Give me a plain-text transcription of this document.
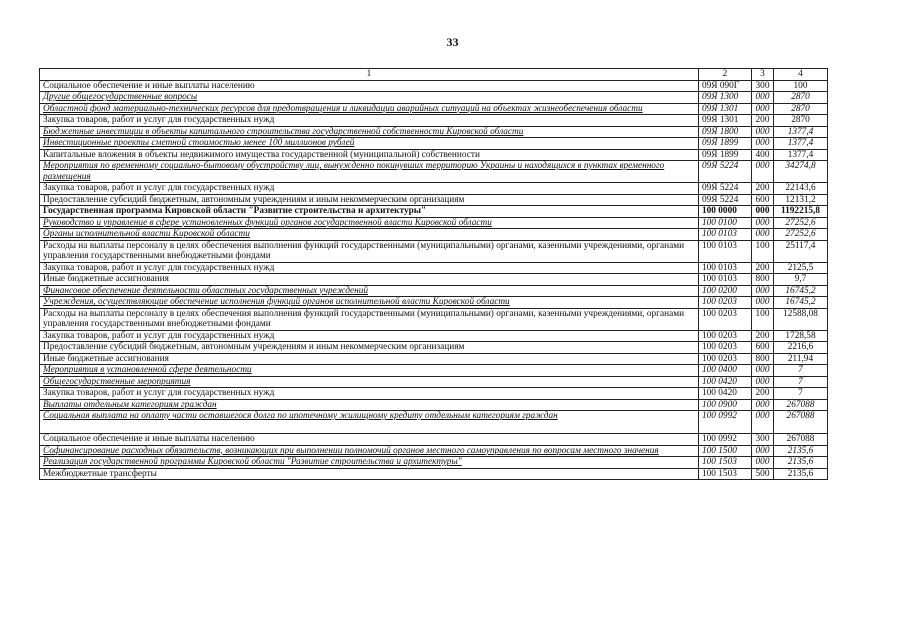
33
1	2	3	4
Социальное обеспечение и иные выплаты населению	09Я 090Г	300	100
Другие общегосударственные вопросы	09Я 1300	000	2870
Областной фонд материально-технических ресурсов для предотвращения и ликвидации аварийных ситуаций на объектах жизнеобеспечения области	09Я 1301	000	2870
Закупка товаров, работ и услуг для государственных нужд	09Я 1301	200	2870
Бюджетные инвестиции в объекты капитального строительства государственной собственности Кировской области	09Я 1800	000	1377,4
Инвестиционные проекты сметной стоимостью менее 100 миллионов рублей	09Я 1899	000	1377,4
Капитальные вложения в объекты недвижимого имущества государственной (муниципальной) собственности	09Я 1899	400	1377,4
Мероприятия по временному социально-бытовому обустройству лиц, вынужденно покинувших территорию Украины и находящихся в пунктах временного размещения	09Я 5224	000	34274,8
Закупка товаров, работ и услуг для государственных нужд	09Я 5224	200	22143,6
Предоставление субсидий бюджетным, автономным учреждениям и иным некоммерческим организациям	09Я 5224	600	12131,2
Государственная программа Кировской области "Развитие строительства и архитектуры"	100 0000	000	1192215,8
Руководство и управление в сфере установленных функций органов государственной власти Кировской области	100 0100	000	27252,6
Органы исполнительной власти Кировской области	100 0103	000	27252,6
Расходы на выплаты персоналу в целях обеспечения выполнения функций государственными (муниципальными) органами, казенными учреждениями, органами управления государственными внебюджетными фондами	100 0103	100	25117,4
Закупка товаров, работ и услуг для государственных нужд	100 0103	200	2125,5
Иные бюджетные ассигнования	100 0103	800	9,7
Финансовое обеспечение деятельности областных государственных учреждений	100 0200	000	16745,2
Учреждения, осуществляющие обеспечение исполнения функций органов исполнительной власти Кировской области	100 0203	000	16745,2
Расходы на выплаты персоналу в целях обеспечения выполнения функций государственными (муниципальными) органами, казенными учреждениями, органами управления государственными внебюджетными фондами	100 0203	100	12588,08
Закупка товаров, работ и услуг для государственных нужд	100 0203	200	1728,58
Предоставление субсидий бюджетным, автономным учреждениям и иным некоммерческим организациям	100 0203	600	2216,6
Иные бюджетные ассигнования	100 0203	800	211,94
Мероприятия в установленной сфере деятельности	100 0400	000	7
Общегосударственные мероприятия	100 0420	000	7
Закупка товаров, работ и услуг для государственных нужд	100 0420	200	7
Выплаты отдельным категориям граждан	100 0900	000	267088
Социальная выплата на оплату части оставшегося долга по ипотечному жилищному кредиту отдельным категориям граждан	100 0992	000	267088
Социальное обеспечение и иные выплаты населению	100 0992	300	267088
Софинансирование расходных обязательств, возникающих при выполнении полномочий органов местного самоуправления по вопросам местного значения	100 1500	000	2135,6
Реализация государственной программы Кировской области "Развитие строительства и архитектуры"	100 1503	000	2135,6
Межбюджетные трансферты	100 1503	500	2135,6
